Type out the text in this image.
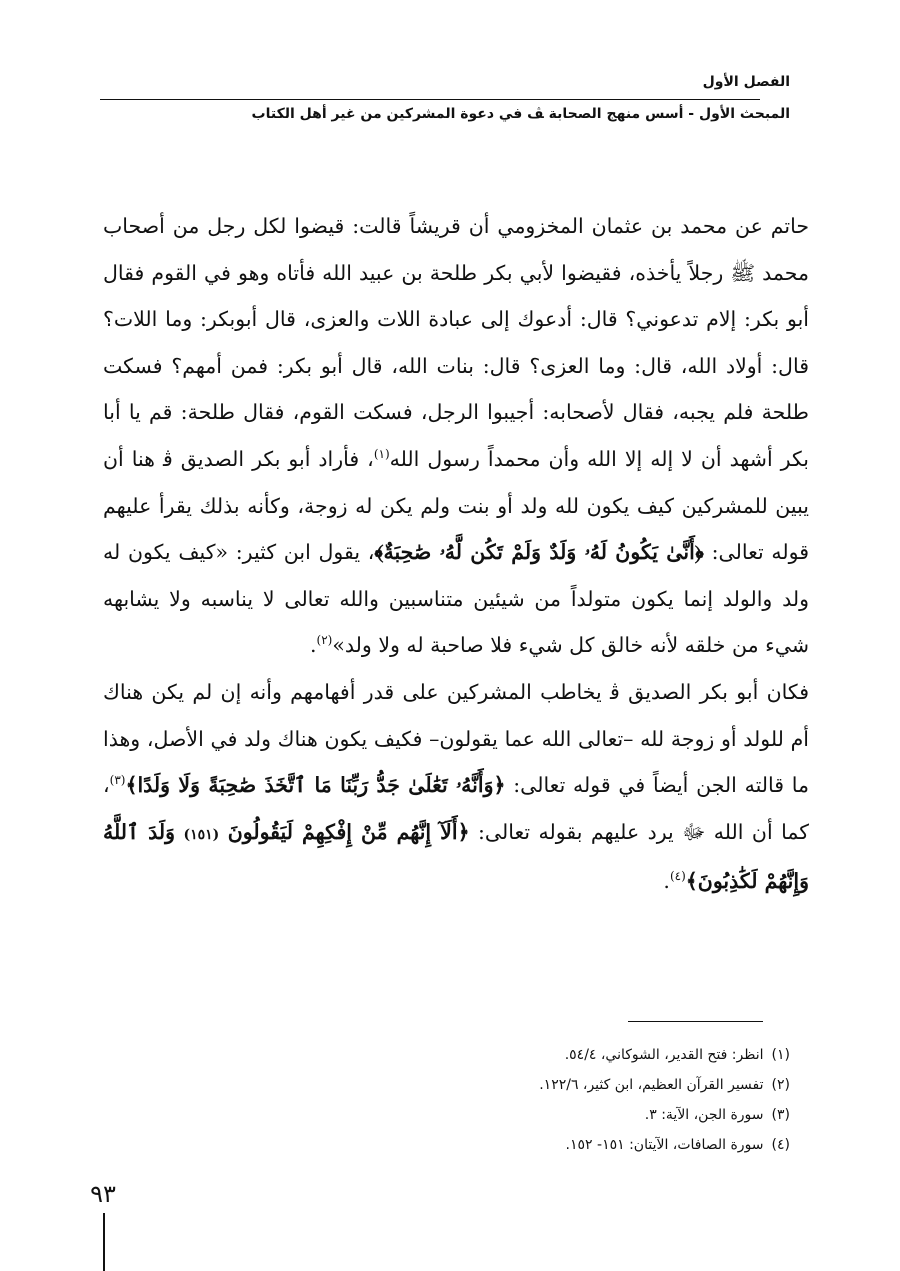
الفصل الأول
المبحث الأول - أسس منهج الصحابة ﭫ في دعوة المشركين من غير أهل الكتاب

حاتم عن محمد بن عثمان المخزومي أن قريشاً قالت: قيضوا لكل رجل من أصحاب محمد ﷺ رجلاً يأخذه، فقيضوا لأبي بكر طلحة بن عبيد الله فأتاه وهو في القوم فقال أبو بكر: إلام تدعوني؟ قال: أدعوك إلى عبادة اللات والعزى، قال أبوبكر: وما اللات؟ قال: أولاد الله، قال: وما العزى؟ قال: بنات الله، قال أبو بكر: فمن أمهم؟ فسكت طلحة فلم يجبه، فقال لأصحابه: أجيبوا الرجل، فسكت القوم، فقال طلحة: قم يا أبا بكر أشهد أن لا إله إلا الله وأن محمداً رسول الله$^{(١)}$، فأراد أبو بكر الصديق ﭬ هنا أن يبين للمشركين كيف يكون لله ولد أو بنت ولم يكن له زوجة، وكأنه بذلك يقرأ عليهم قوله تعالى: ﴿أَنَّىٰ يَكُونُ لَهُۥ وَلَدٌ وَلَمْ تَكُن لَّهُۥ صَٰحِبَةٌ﴾، يقول ابن كثير: «كيف يكون له ولد والولد إنما يكون متولداً من شيئين متناسبين والله تعالى لا يناسبه ولا يشابهه شيء من خلقه لأنه خالق كل شيء فلا صاحبة له ولا ولد»$^{(٢)}$.

فكان أبو بكر الصديق ﭬ يخاطب المشركين على قدر أفهامهم وأنه إن لم يكن هناك أم للولد أو زوجة لله –تعالى الله عما يقولون– فكيف يكون هناك ولد في الأصل، وهذا ما قالته الجن أيضاً في قوله تعالى: ﴿وَأَنَّهُۥ تَعَٰلَىٰ جَدُّ رَبِّنَا مَا ٱتَّخَذَ صَٰحِبَةً وَلَا وَلَدًا﴾$^{(٣)}$، كما أن الله ﷻ يرد عليهم بقوله تعالى: ﴿أَلَآ إِنَّهُم مِّنْ إِفْكِهِمْ لَيَقُولُونَ (١٥١) وَلَدَ ٱللَّهُ وَإِنَّهُمْ لَكَٰذِبُونَ﴾$^{(٤)}$.

(١)انظر: فتح القدير، الشوكاني، ٥٤/٤.
(٢)تفسير القرآن العظيم، ابن كثير، ١٢٢/٦.
(٣)سورة الجن، الآية: ٣.
(٤)سورة الصافات، الآيتان: ١٥١- ١٥٢.
٩٣
